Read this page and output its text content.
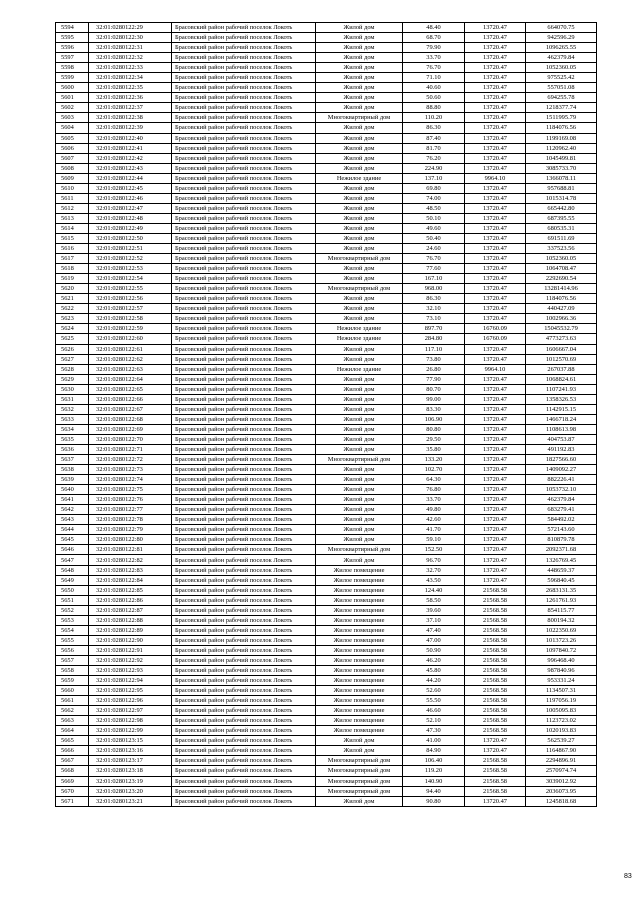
5594	32:01:0280122:29	Брасовский район рабочий поселок Локоть	Жилой дом	48.40	13720.47	664070.75
5595	32:01:0280122:30	Брасовский район рабочий поселок Локоть	Жилой дом	68.70	13720.47	942596.29
5596	32:01:0280122:31	Брасовский район рабочий поселок Локоть	Жилой дом	79.90	13720.47	1096265.55
5597	32:01:0280122:32	Брасовский район рабочий поселок Локоть	Жилой дом	33.70	13720.47	462379.84
5598	32:01:0280122:33	Брасовский район рабочий поселок Локоть	Жилой дом	76.70	13720.47	1052360.05
5599	32:01:0280122:34	Брасовский район рабочий поселок Локоть	Жилой дом	71.10	13720.47	975525.42
5600	32:01:0280122:35	Брасовский район рабочий поселок Локоть	Жилой дом	40.60	13720.47	557051.08
5601	32:01:0280122:36	Брасовский район рабочий поселок Локоть	Жилой дом	50.60	13720.47	694255.78
5602	32:01:0280122:37	Брасовский район рабочий поселок Локоть	Жилой дом	88.80	13720.47	1218377.74
5603	32:01:0280122:38	Брасовский район рабочий поселок Локоть	Многоквартирный дом	110.20	13720.47	1511995.79
5604	32:01:0280122:39	Брасовский район рабочий поселок Локоть	Жилой дом	86.30	13720.47	1184076.56
5605	32:01:0280122:40	Брасовский район рабочий поселок Локоть	Жилой дом	87.40	13720.47	1199169.08
5606	32:01:0280122:41	Брасовский район рабочий поселок Локоть	Жилой дом	81.70	13720.47	1120962.40
5607	32:01:0280122:42	Брасовский район рабочий поселок Локоть	Жилой дом	76.20	13720.47	1045499.81
5608	32:01:0280122:43	Брасовский район рабочий поселок Локоть	Жилой дом	224.90	13720.47	3085733.70
5609	32:01:0280122:44	Брасовский район рабочий поселок Локоть	Нежилое здание	137.10	9964.10	1366078.11
5610	32:01:0280122:45	Брасовский район рабочий поселок Локоть	Жилой дом	69.80	13720.47	957688.81
5611	32:01:0280122:46	Брасовский район рабочий поселок Локоть	Жилой дом	74.00	13720.47	1015314.78
5612	32:01:0280122:47	Брасовский район рабочий поселок Локоть	Жилой дом	48.50	13720.47	665442.80
5613	32:01:0280122:48	Брасовский район рабочий поселок Локоть	Жилой дом	50.10	13720.47	687395.55
5614	32:01:0280122:49	Брасовский район рабочий поселок Локоть	Жилой дом	49.60	13720.47	680535.31
5615	32:01:0280122:50	Брасовский район рабочий поселок Локоть	Жилой дом	50.40	13720.47	691511.69
5616	32:01:0280122:51	Брасовский район рабочий поселок Локоть	Жилой дом	24.60	13720.47	337523.56
5617	32:01:0280122:52	Брасовский район рабочий поселок Локоть	Многоквартирный дом	76.70	13720.47	1052360.05
5618	32:01:0280122:53	Брасовский район рабочий поселок Локоть	Жилой дом	77.60	13720.47	1064708.47
5619	32:01:0280122:54	Брасовский район рабочий поселок Локоть	Жилой дом	167.10	13720.47	2292690.54
5620	32:01:0280122:55	Брасовский район рабочий поселок Локоть	Многоквартирный дом	968.00	13720.47	13281414.96
5621	32:01:0280122:56	Брасовский район рабочий поселок Локоть	Жилой дом	86.30	13720.47	1184076.56
5622	32:01:0280122:57	Брасовский район рабочий поселок Локоть	Жилой дом	32.10	13720.47	440427.09
5623	32:01:0280122:58	Брасовский район рабочий поселок Локоть	Жилой дом	73.10	13720.47	1002966.36
5624	32:01:0280122:59	Брасовский район рабочий поселок Локоть	Нежилое здание	897.70	16760.09	15045532.79
5625	32:01:0280122:60	Брасовский район рабочий поселок Локоть	Нежилое здание	284.80	16760.09	4773273.63
5626	32:01:0280122:61	Брасовский район рабочий поселок Локоть	Жилой дом	117.10	13720.47	1606667.04
5627	32:01:0280122:62	Брасовский район рабочий поселок Локоть	Жилой дом	73.80	13720.47	1012570.69
5628	32:01:0280122:63	Брасовский район рабочий поселок Локоть	Нежилое здание	26.80	9964.10	267037.88
5629	32:01:0280122:64	Брасовский район рабочий поселок Локоть	Жилой дом	77.90	13720.47	1068824.61
5630	32:01:0280122:65	Брасовский район рабочий поселок Локоть	Жилой дом	80.70	13720.47	1107241.93
5631	32:01:0280122:66	Брасовский район рабочий поселок Локоть	Жилой дом	99.00	13720.47	1358326.53
5632	32:01:0280122:67	Брасовский район рабочий поселок Локоть	Жилой дом	83.30	13720.47	1142915.15
5633	32:01:0280122:68	Брасовский район рабочий поселок Локоть	Жилой дом	106.90	13720.47	1466718.24
5634	32:01:0280122:69	Брасовский район рабочий поселок Локоть	Жилой дом	80.80	13720.47	1108613.98
5635	32:01:0280122:70	Брасовский район рабочий поселок Локоть	Жилой дом	29.50	13720.47	404753.87
5636	32:01:0280122:71	Брасовский район рабочий поселок Локоть	Жилой дом	35.80	13720.47	491192.83
5637	32:01:0280122:72	Брасовский район рабочий поселок Локоть	Многоквартирный дом	133.20	13720.47	1827566.60
5638	32:01:0280122:73	Брасовский район рабочий поселок Локоть	Жилой дом	102.70	13720.47	1409092.27
5639	32:01:0280122:74	Брасовский район рабочий поселок Локоть	Жилой дом	64.30	13720.47	882226.41
5640	32:01:0280122:75	Брасовский район рабочий поселок Локоть	Жилой дом	76.80	13720.47	1053732.10
5641	32:01:0280122:76	Брасовский район рабочий поселок Локоть	Жилой дом	33.70	13720.47	462379.84
5642	32:01:0280122:77	Брасовский район рабочий поселок Локоть	Жилой дом	49.80	13720.47	683279.41
5643	32:01:0280122:78	Брасовский район рабочий поселок Локоть	Жилой дом	42.60	13720.47	584492.02
5644	32:01:0280122:79	Брасовский район рабочий поселок Локоть	Жилой дом	41.70	13720.47	572143.60
5645	32:01:0280122:80	Брасовский район рабочий поселок Локоть	Жилой дом	59.10	13720.47	810879.78
5646	32:01:0280122:81	Брасовский район рабочий поселок Локоть	Многоквартирный дом	152.50	13720.47	2092371.68
5647	32:01:0280122:82	Брасовский район рабочий поселок Локоть	Жилой дом	96.70	13720.47	1326769.45
5648	32:01:0280122:83	Брасовский район рабочий поселок Локоть	Жилое помещение	32.70	13720.47	448659.37
5649	32:01:0280122:84	Брасовский район рабочий поселок Локоть	Жилое помещение	43.50	13720.47	596840.45
5650	32:01:0280122:85	Брасовский район рабочий поселок Локоть	Жилое помещение	124.40	21568.58	2683131.35
5651	32:01:0280122:86	Брасовский район рабочий поселок Локоть	Жилое помещение	58.50	21568.58	1261761.93
5652	32:01:0280122:87	Брасовский район рабочий поселок Локоть	Жилое помещение	39.60	21568.58	854115.77
5653	32:01:0280122:88	Брасовский район рабочий поселок Локоть	Жилое помещение	37.10	21568.58	800194.32
5654	32:01:0280122:89	Брасовский район рабочий поселок Локоть	Жилое помещение	47.40	21568.58	1022350.69
5655	32:01:0280122:90	Брасовский район рабочий поселок Локоть	Жилое помещение	47.00	21568.58	1013723.26
5656	32:01:0280122:91	Брасовский район рабочий поселок Локоть	Жилое помещение	50.90	21568.58	1097840.72
5657	32:01:0280122:92	Брасовский район рабочий поселок Локоть	Жилое помещение	46.20	21568.58	996468.40
5658	32:01:0280122:93	Брасовский район рабочий поселок Локоть	Жилое помещение	45.80	21568.58	987840.96
5659	32:01:0280122:94	Брасовский район рабочий поселок Локоть	Жилое помещение	44.20	21568.58	953331.24
5660	32:01:0280122:95	Брасовский район рабочий поселок Локоть	Жилое помещение	52.60	21568.58	1134507.31
5661	32:01:0280122:96	Брасовский район рабочий поселок Локоть	Жилое помещение	55.50	21568.58	1197056.19
5662	32:01:0280122:97	Брасовский район рабочий поселок Локоть	Жилое помещение	46.60	21568.58	1005095.83
5663	32:01:0280122:98	Брасовский район рабочий поселок Локоть	Жилое помещение	52.10	21568.58	1123723.02
5664	32:01:0280122:99	Брасовский район рабочий поселок Локоть	Жилое помещение	47.30	21568.58	1020193.83
5665	32:01:0280123:15	Брасовский район рабочий поселок Локоть	Жилой дом	41.00	13720.47	562539.27
5666	32:01:0280123:16	Брасовский район рабочий поселок Локоть	Жилой дом	84.90	13720.47	1164867.90
5667	32:01:0280123:17	Брасовский район рабочий поселок Локоть	Многоквартирный дом	106.40	21568.58	2294896.91
5668	32:01:0280123:18	Брасовский район рабочий поселок Локоть	Многоквартирный дом	119.20	21568.58	2570974.74
5669	32:01:0280123:19	Брасовский район рабочий поселок Локоть	Многоквартирный дом	140.90	21568.58	3039012.92
5670	32:01:0280123:20	Брасовский район рабочий поселок Локоть	Многоквартирный дом	94.40	21568.58	2036073.95
5671	32:01:0280123:21	Брасовский район рабочий поселок Локоть	Жилой дом	90.80	13720.47	1245818.68
83
